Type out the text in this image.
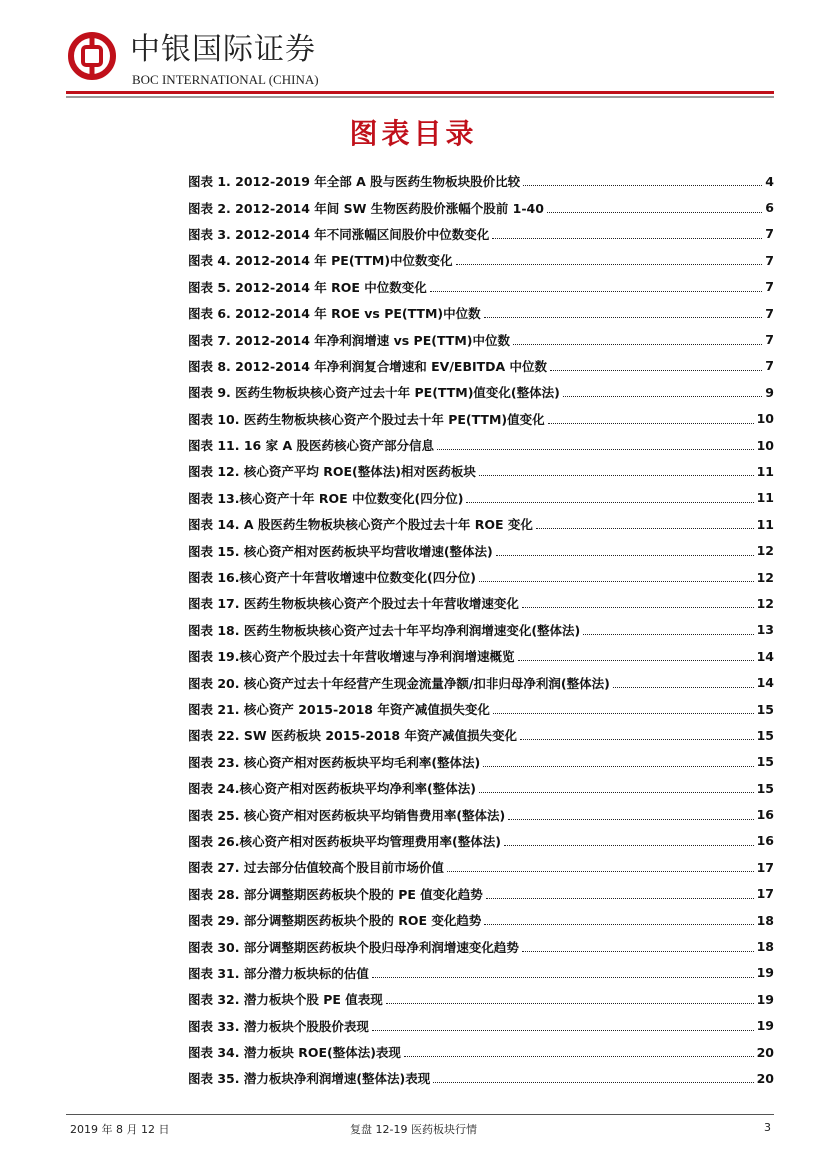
中银国际证券
BOC INTERNATIONAL (CHINA)
图表目录
图表 1. 2012-2019 年全部 A 股与医药生物板块股价比较	4
图表 2. 2012-2014 年间 SW 生物医药股价涨幅个股前 1-40	6
图表 3. 2012-2014 年不同涨幅区间股价中位数变化	7
图表 4. 2012-2014 年 PE(TTM)中位数变化	7
图表 5. 2012-2014 年 ROE 中位数变化	7
图表 6. 2012-2014 年 ROE vs PE(TTM)中位数	7
图表 7. 2012-2014 年净利润增速 vs PE(TTM)中位数	7
图表 8. 2012-2014 年净利润复合增速和 EV/EBITDA 中位数	7
图表 9. 医药生物板块核心资产过去十年 PE(TTM)值变化(整体法)	9
图表 10. 医药生物板块核心资产个股过去十年 PE(TTM)值变化	10
图表 11. 16 家 A 股医药核心资产部分信息	10
图表 12. 核心资产平均 ROE(整体法)相对医药板块	11
图表 13.核心资产十年 ROE 中位数变化(四分位)	11
图表 14. A 股医药生物板块核心资产个股过去十年 ROE 变化	11
图表 15. 核心资产相对医药板块平均营收增速(整体法)	12
图表 16.核心资产十年营收增速中位数变化(四分位)	12
图表 17. 医药生物板块核心资产个股过去十年营收增速变化	12
图表 18. 医药生物板块核心资产过去十年平均净利润增速变化(整体法)	13
图表 19.核心资产个股过去十年营收增速与净利润增速概览	14
图表 20. 核心资产过去十年经营产生现金流量净额/扣非归母净利润(整体法)	14
图表 21. 核心资产 2015-2018 年资产减值损失变化	15
图表 22. SW 医药板块 2015-2018 年资产减值损失变化	15
图表 23. 核心资产相对医药板块平均毛利率(整体法)	15
图表 24.核心资产相对医药板块平均净利率(整体法)	15
图表 25. 核心资产相对医药板块平均销售费用率(整体法)	16
图表 26.核心资产相对医药板块平均管理费用率(整体法)	16
图表 27. 过去部分估值较高个股目前市场价值	17
图表 28. 部分调整期医药板块个股的 PE 值变化趋势	17
图表 29. 部分调整期医药板块个股的 ROE 变化趋势	18
图表 30. 部分调整期医药板块个股归母净利润增速变化趋势	18
图表 31. 部分潜力板块标的估值	19
图表 32. 潜力板块个股 PE 值表现	19
图表 33. 潜力板块个股股价表现	19
图表 34. 潜力板块 ROE(整体法)表现	20
图表 35. 潜力板块净利润增速(整体法)表现	20
2019 年 8 月 12 日	复盘 12-19 医药板块行情	3
